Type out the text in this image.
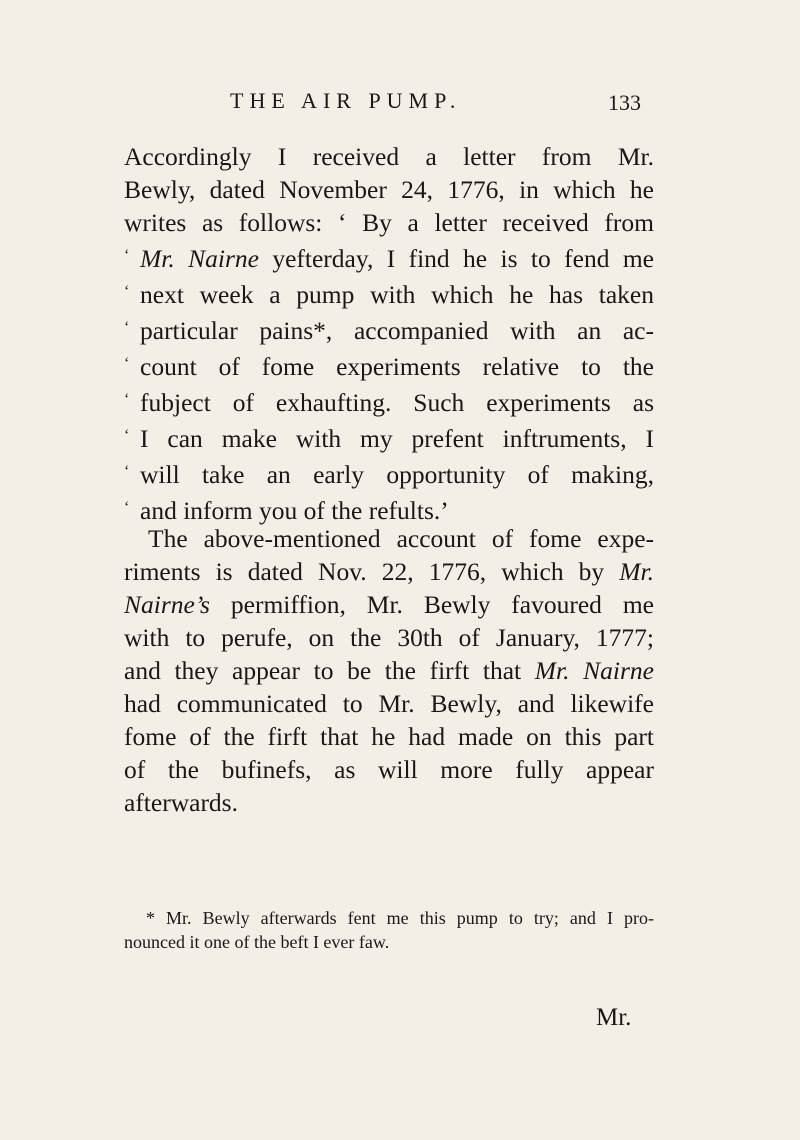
THE AIR PUMP.	133
Accordingly I received a letter from Mr.
Bewly, dated November 24, 1776, in which he
writes as follows: ‘ By a letter received from
‘ Mr. Nairne yefterday, I find he is to fend me
‘ next week a pump with which he has taken
‘ particular pains*, accompanied with an ac-
‘ count of fome experiments relative to the
‘ fubject of exhaufting. Such experiments as
‘ I can make with my prefent inftruments, I
‘ will take an early opportunity of making,
‘ and inform you of the refults.’
The above-mentioned account of fome expe-
riments is dated Nov. 22, 1776, which by Mr.
Nairne’s permiffion, Mr. Bewly favoured me
with to perufe, on the 30th of January, 1777;
and they appear to be the firft that Mr. Nairne
had communicated to Mr. Bewly, and likewife
fome of the firft that he had made on this part
of the bufinefs, as will more fully appear
afterwards.
* Mr. Bewly afterwards fent me this pump to try; and I pro-
nounced it one of the beft I ever faw.
Mr.
